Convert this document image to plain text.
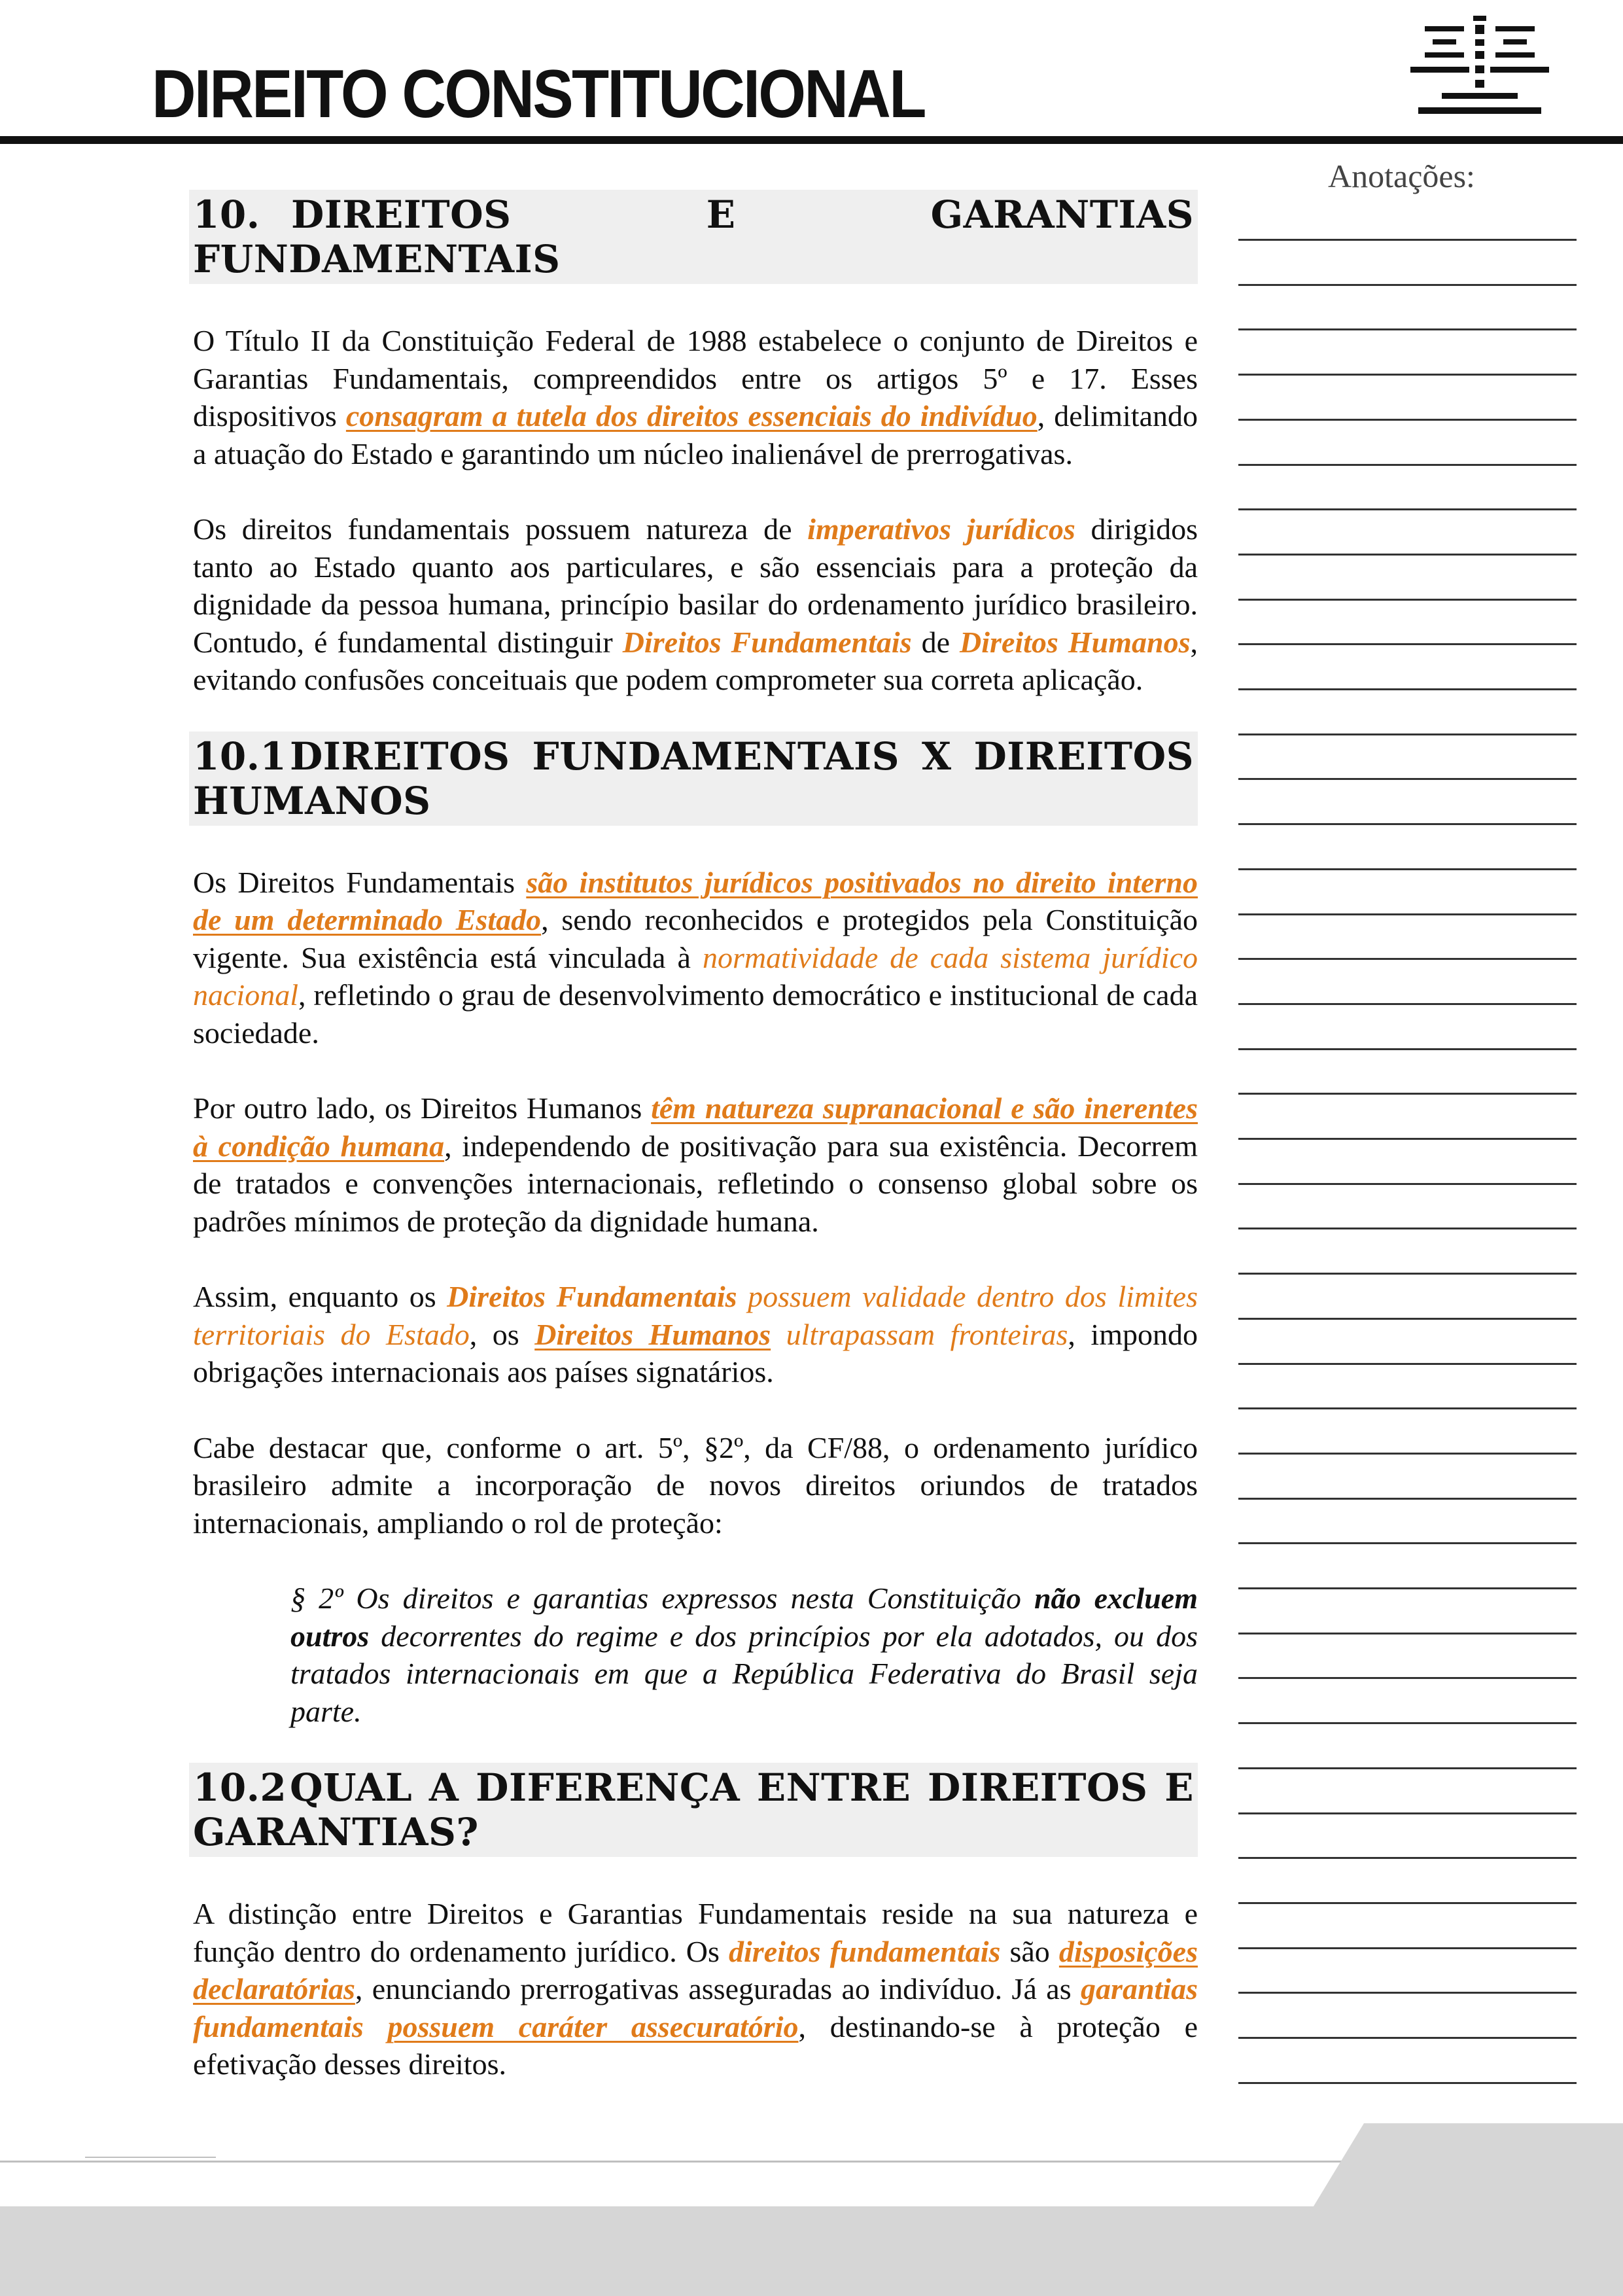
DIREITO CONSTITUCIONAL
Anotações:
10. DIREITOS E GARANTIAS FUNDAMENTAIS

O Título II da Constituição Federal de 1988 estabelece o conjunto de Direitos e Garantias Fundamentais, compreendidos entre os artigos 5º e 17. Esses dispositivos consagram a tutela dos direitos essenciais do indivíduo, delimitando a atuação do Estado e garantindo um núcleo inalienável de prerrogativas.

Os direitos fundamentais possuem natureza de imperativos jurídicos dirigidos tanto ao Estado quanto aos particulares, e são essenciais para a proteção da dignidade da pessoa humana, princípio basilar do ordenamento jurídico brasileiro. Contudo, é fundamental distinguir Direitos Fundamentais de Direitos Humanos, evitando confusões conceituais que podem comprometer sua correta aplicação.

10.1DIREITOS FUNDAMENTAIS X DIREITOS HUMANOS

Os Direitos Fundamentais são institutos jurídicos positivados no direito interno de um determinado Estado, sendo reconhecidos e protegidos pela Constituição vigente. Sua existência está vinculada à normatividade de cada sistema jurídico nacional, refletindo o grau de desenvolvimento democrático e institucional de cada sociedade.

Por outro lado, os Direitos Humanos têm natureza supranacional e são inerentes à condição humana, independendo de positivação para sua existência. Decorrem de tratados e convenções internacionais, refletindo o consenso global sobre os padrões mínimos de proteção da dignidade humana.

Assim, enquanto os Direitos Fundamentais possuem validade dentro dos limites territoriais do Estado, os Direitos Humanos ultrapassam fronteiras, impondo obrigações internacionais aos países signatários.

Cabe destacar que, conforme o art. 5º, §2º, da CF/88, o ordenamento jurídico brasileiro admite a incorporação de novos direitos oriundos de tratados internacionais, ampliando o rol de proteção:

§ 2º Os direitos e garantias expressos nesta Constituição não excluem outros decorrentes do regime e dos princípios por ela adotados, ou dos tratados internacionais em que a República Federativa do Brasil seja parte.

10.2QUAL A DIFERENÇA ENTRE DIREITOS E GARANTIAS?

A distinção entre Direitos e Garantias Fundamentais reside na sua natureza e função dentro do ordenamento jurídico. Os direitos fundamentais são disposições declaratórias, enunciando prerrogativas asseguradas ao indivíduo. Já as garantias fundamentais possuem caráter assecuratório, destinando-se à proteção e efetivação desses direitos.
